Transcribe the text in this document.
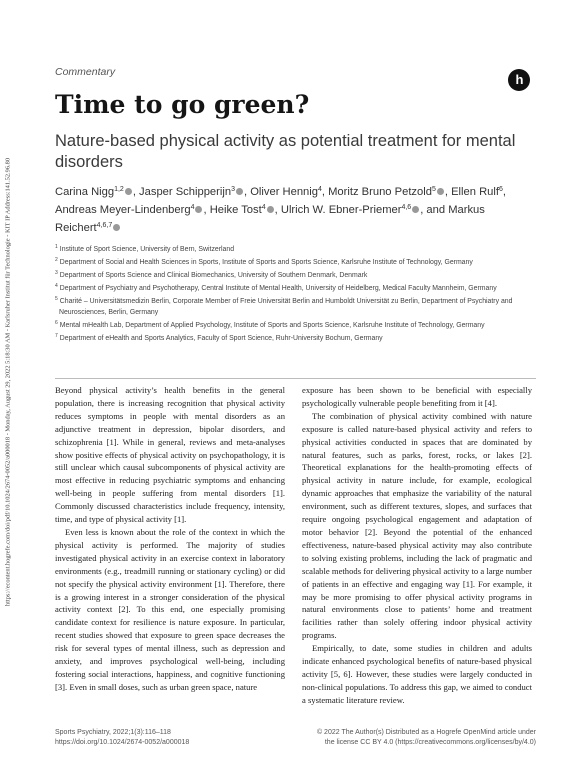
https://econtent.hogrefe.com/doi/pdf/10.1024/2674-0052/a000018 - Monday, August 29, 2022 5:18:30 AM - Karlsruher Institut für Technologie - KIT IP Address:141.52.96.80
Commentary	h
Time to go green?
Nature-based physical activity as potential treatment for mental disorders
Carina Nigg$^{1,2}$ , Jasper Schipperijn$^3$ , Oliver Hennig$^4$, Moritz Bruno Petzold$^5$ , Ellen Rulf$^6$, Andreas Meyer-Lindenberg$^4$ , Heike Tost$^4$ , Ulrich W. Ebner-Priemer$^{4,6}$ , and Markus Reichert$^{4,6,7}$
$^1$ Institute of Sport Science, University of Bern, Switzerland
$^2$ Department of Social and Health Sciences in Sports, Institute of Sports and Sports Science, Karlsruhe Institute of Technology, Germany
$^3$ Department of Sports Science and Clinical Biomechanics, University of Southern Denmark, Denmark
$^4$ Department of Psychiatry and Psychotherapy, Central Institute of Mental Health, University of Heidelberg, Medical Faculty Mannheim, Germany
$^5$ Charité – Universitätsmedizin Berlin, Corporate Member of Freie Universität Berlin and Humboldt Universität zu Berlin, Department of Psychiatry and Neurosciences, Berlin, Germany
$^6$ Mental mHealth Lab, Department of Applied Psychology, Institute of Sports and Sports Science, Karlsruhe Institute of Technology, Germany
$^7$ Department of eHealth and Sports Analytics, Faculty of Sport Science, Ruhr-University Bochum, Germany

Beyond physical activity’s health benefits in the general population, there is increasing recognition that physical activity reduces symptoms in people with mental disorders as an adjunctive treatment in depression, bipolar disorders, and schizophrenia [1]. While in general, reviews and meta-analyses show positive effects of physical activity on psychopathology, it is still unclear which causal subcomponents of physical activity are most effective in reducing psychiatric symptoms and enhancing well-being in people suffering from mental disorders [1]. Commonly discussed characteristics include frequency, intensity, time, and type of physical activity [1].

Even less is known about the role of the context in which the physical activity is performed. The majority of studies investigated physical activity in an exercise context in laboratory environments (e.g., treadmill running or stationary cycling) or did not specify the physical activity environment [1]. Therefore, there is a growing interest in a stronger consideration of the physical activity context [2]. To this end, one especially promising candidate context for resilience is nature exposure. In particular, recent studies showed that exposure to green space decreases the risk for several types of mental illness, such as depression and anxiety, and improves psychological well-being, including fostering social interactions, happiness, and cognitive functioning [3]. Even in small doses, such as urban green space, nature

exposure has been shown to be beneficial with especially psychologically vulnerable people benefiting from it [4].

The combination of physical activity combined with nature exposure is called nature-based physical activity and refers to physical activities conducted in spaces that are dominated by natural features, such as parks, forest, rocks, or lakes [2]. Theoretical explanations for the health-promoting effects of physical activity in nature include, for example, ecological dynamic approaches that emphasize the variability of the natural environment, such as different textures, slopes, and surfaces that require ongoing psychological engagement and adaptation of motor behavior [2]. Beyond the potential of the enhanced effectiveness, nature-based physical activity may also contribute to solving existing problems, including the lack of pragmatic and scalable methods for delivering physical activity to a large number of patients in an effective and engaging way [1]. For example, it may be more promising to offer physical activity programs in natural environments close to patients’ home and treatment facilities rather than solely offering indoor physical activity programs.

Empirically, to date, some studies in children and adults indicate enhanced psychological benefits of nature-based physical activity [5, 6]. However, these studies were largely conducted in non-clinical populations. To address this gap, we aimed to conduct a systematic literature review.

Sports Psychiatry, 2022;1(3):116–118
https://doi.org/10.1024/2674-0052/a000018
© 2022 The Author(s) Distributed as a Hogrefe OpenMind article under
the license CC BY 4.0 (https://creativecommons.org/licenses/by/4.0)
